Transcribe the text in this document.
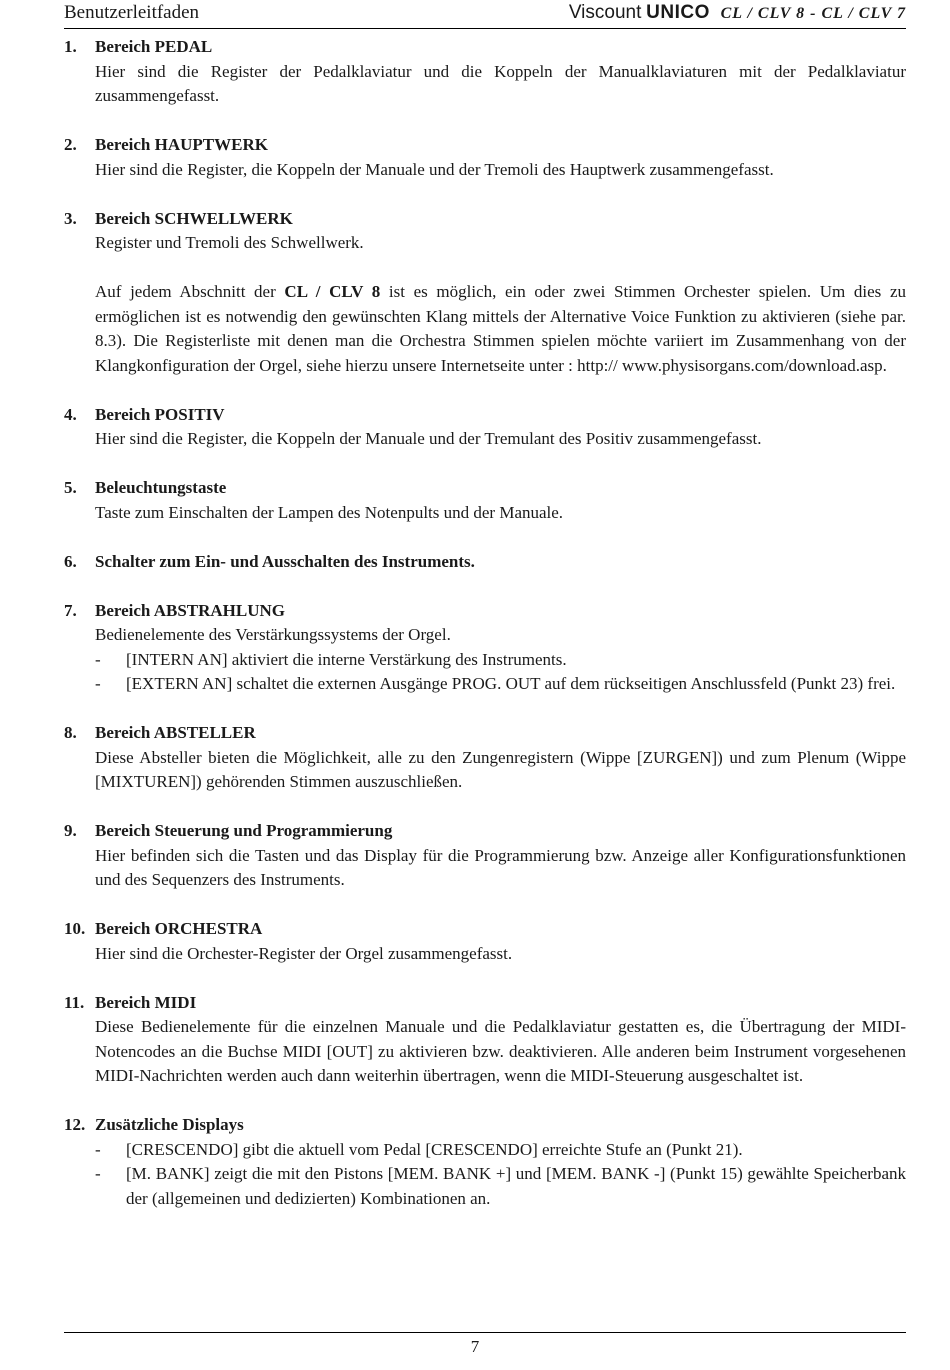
Benutzerleitfaden	Viscount UNICO CL / CLV 8 - CL / CLV 7
1. Bereich PEDAL
Hier sind die Register der Pedalklaviatur und die Koppeln der Manualklaviaturen mit der Pedalklaviatur zusammengefasst.
2. Bereich HAUPTWERK
Hier sind die Register, die Koppeln der Manuale und der Tremoli des Hauptwerk zusammengefasst.
3. Bereich SCHWELLWERK
Register und Tremoli des Schwellwerk.
Auf jedem Abschnitt der CL / CLV 8 ist es möglich, ein oder zwei Stimmen Orchester spielen. Um dies zu ermöglichen ist es notwendig den gewünschten Klang mittels der Alternative Voice Funktion zu aktivieren (siehe par. 8.3). Die Registerliste mit denen man die Orchestra Stimmen spielen möchte variiert im Zusammenhang von der Klangkonfiguration der Orgel, siehe hierzu unsere Internetseite unter : http:// www.physisorgans.com/download.asp.
4. Bereich POSITIV
Hier sind die Register, die Koppeln der Manuale und der Tremulant des Positiv zusammengefasst.
5. Beleuchtungstaste
Taste zum Einschalten der Lampen des Notenpults und der Manuale.
6. Schalter zum Ein- und Ausschalten des Instruments.
7. Bereich ABSTRAHLUNG
Bedienelemente des Verstärkungssystems der Orgel.
- [INTERN AN] aktiviert die interne Verstärkung des Instruments.
- [EXTERN AN] schaltet die externen Ausgänge PROG. OUT auf dem rückseitigen Anschlussfeld (Punkt 23) frei.
8. Bereich ABSTELLER
Diese Absteller bieten die Möglichkeit, alle zu den Zungenregistern (Wippe [ZURGEN]) und zum Plenum (Wippe [MIXTUREN]) gehörenden Stimmen auszuschließen.
9. Bereich Steuerung und Programmierung
Hier befinden sich die Tasten und das Display für die Programmierung bzw. Anzeige aller Konfigurationsfunktionen und des Sequenzers des Instruments.
10. Bereich ORCHESTRA
Hier sind die Orchester-Register der Orgel zusammengefasst.
11. Bereich MIDI
Diese Bedienelemente für die einzelnen Manuale und die Pedalklaviatur gestatten es, die Übertragung der MIDI-Notencodes an die Buchse MIDI [OUT] zu aktivieren bzw. deaktivieren. Alle anderen beim Instrument vorgesehenen MIDI-Nachrichten werden auch dann weiterhin übertragen, wenn die MIDI-Steuerung ausgeschaltet ist.
12. Zusätzliche Displays
- [CRESCENDO] gibt die aktuell vom Pedal [CRESCENDO] erreichte Stufe an (Punkt 21).
- [M. BANK] zeigt die mit den Pistons [MEM. BANK +] und [MEM. BANK -] (Punkt 15) gewählte Speicherbank der (allgemeinen und dedizierten) Kombinationen an.
7
